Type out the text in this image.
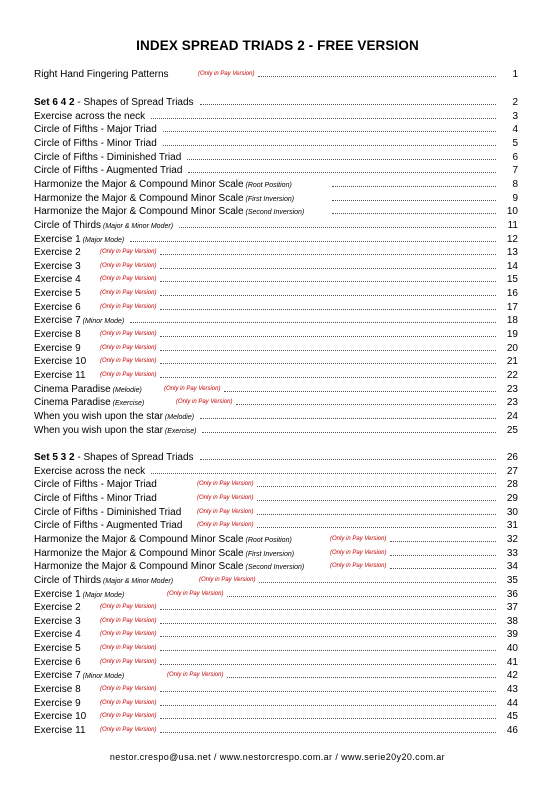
INDEX SPREAD TRIADS 2 - FREE VERSION
Right Hand Fingering Patterns	1
(Only in Pay Version)
Set 6 4 2 - Shapes of Spread Triads	2
Exercise across the neck	3
Circle of Fifths - Major Triad	4
Circle of Fifths - Minor Triad	5
Circle of Fifths - Diminished Triad	6
Circle of Fifths - Augmented Triad	7
Harmonize the Major & Compound Minor Scale (Root Position)	8
Harmonize the Major & Compound Minor Scale (First Inversion)	9
Harmonize the Major & Compound Minor Scale (Second Inversion)	10
Circle of Thirds (Major & Minor Moder)	11
Exercise 1 (Major Mode)	12
Exercise 2	13
(Only in Pay Version)
Exercise 3	14
(Only in Pay Version)
Exercise 4	15
(Only in Pay Version)
Exercise 5	16
(Only in Pay Version)
Exercise 6	17
(Only in Pay Version)
Exercise 7 (Minor Mode)	18
Exercise 8	19
(Only in Pay Version)
Exercise 9	20
(Only in Pay Version)
Exercise 10	21
(Only in Pay Version)
Exercise 11	22
(Only in Pay Version)
Cinema Paradise (Melodie)	23
(Only in Pay Version)
Cinema Paradise (Exercise)	23
(Only in Pay Version)
When you wish upon the star (Melodie)	24
When you wish upon the star (Exercise)	25
Set 5 3 2 - Shapes of Spread Triads	26
Exercise across the neck	27
Circle of Fifths - Major Triad	28
(Only in Pay Version)
Circle of Fifths - Minor Triad	29
(Only in Pay Version)
Circle of Fifths - Diminished Triad	30
(Only in Pay Version)
Circle of Fifths - Augmented Triad	31
(Only in Pay Version)
Harmonize the Major & Compound Minor Scale (Root Position)	32
(Only in Pay Version)
Harmonize the Major & Compound Minor Scale (First Inversion)	33
(Only in Pay Version)
Harmonize the Major & Compound Minor Scale (Second Inversion)	34
(Only in Pay Version)
Circle of Thirds (Major & Minor Moder)	35
(Only in Pay Version)
Exercise 1 (Major Mode)	36
(Only in Pay Version)
Exercise 2	37
(Only in Pay Version)
Exercise 3	38
(Only in Pay Version)
Exercise 4	39
(Only in Pay Version)
Exercise 5	40
(Only in Pay Version)
Exercise 6	41
(Only in Pay Version)
Exercise 7 (Minor Mode)	42
(Only in Pay Version)
Exercise 8	43
(Only in Pay Version)
Exercise 9	44
(Only in Pay Version)
Exercise 10	45
(Only in Pay Version)
Exercise 11	46
(Only in Pay Version)
nestor.crespo@usa.net / www.nestorcrespo.com.ar / www.serie20y20.com.ar
